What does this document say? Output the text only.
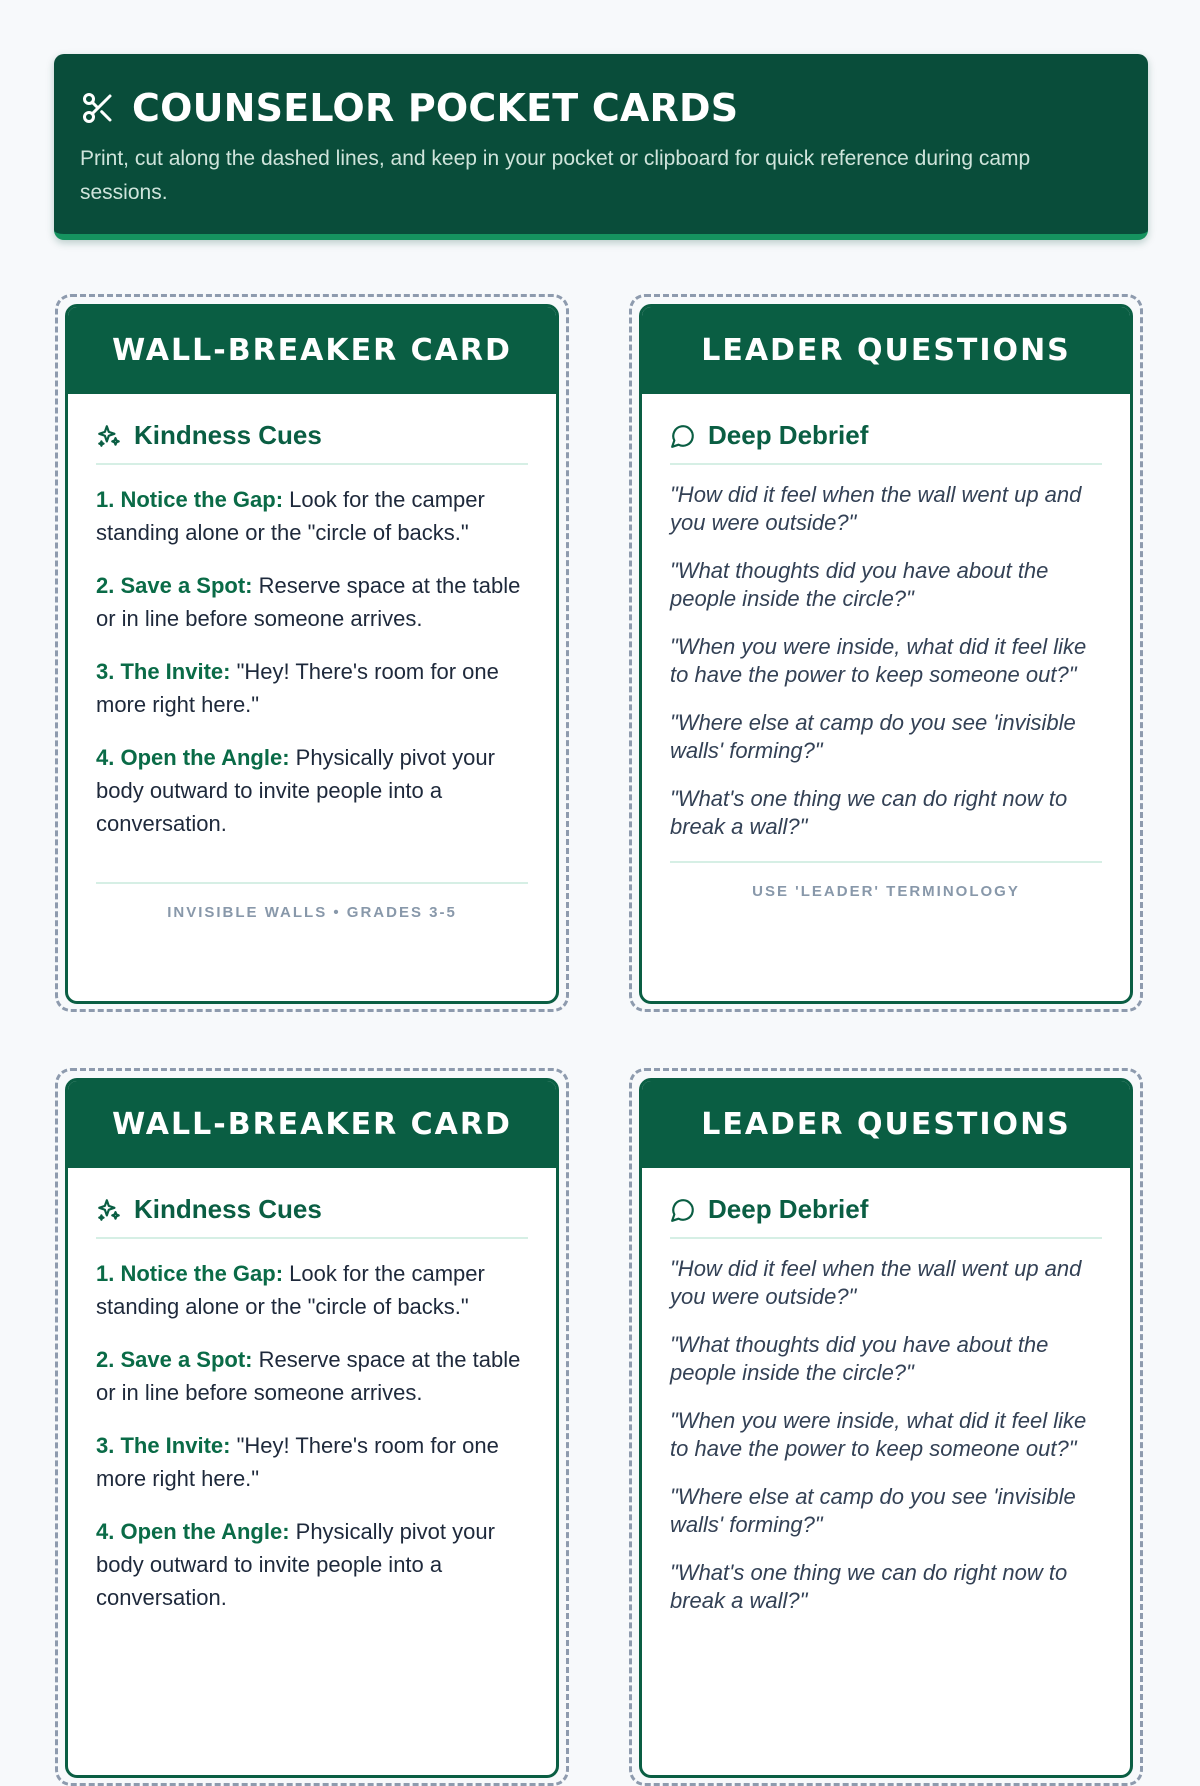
COUNSELOR POCKET CARDS
Print, cut along the dashed lines, and keep in your pocket or clipboard for quick reference during camp sessions.
WALL-BREAKER CARD
Kindness Cues
1. Notice the Gap: Look for the camper standing alone or the "circle of backs."
2. Save a Spot: Reserve space at the table or in line before someone arrives.
3. The Invite: "Hey! There's room for one more right here."
4. Open the Angle: Physically pivot your body outward to invite people into a conversation.
INVISIBLE WALLS • GRADES 3-5
LEADER QUESTIONS
Deep Debrief
"How did it feel when the wall went up and you were outside?"
"What thoughts did you have about the people inside the circle?"
"When you were inside, what did it feel like to have the power to keep someone out?"
"Where else at camp do you see 'invisible walls' forming?"
"What's one thing we can do right now to break a wall?"
USE 'LEADER' TERMINOLOGY
WALL-BREAKER CARD
Kindness Cues
1. Notice the Gap: Look for the camper standing alone or the "circle of backs."
2. Save a Spot: Reserve space at the table or in line before someone arrives.
3. The Invite: "Hey! There's room for one more right here."
4. Open the Angle: Physically pivot your body outward to invite people into a conversation.
LEADER QUESTIONS
Deep Debrief
"How did it feel when the wall went up and you were outside?"
"What thoughts did you have about the people inside the circle?"
"When you were inside, what did it feel like to have the power to keep someone out?"
"Where else at camp do you see 'invisible walls' forming?"
"What's one thing we can do right now to break a wall?"
